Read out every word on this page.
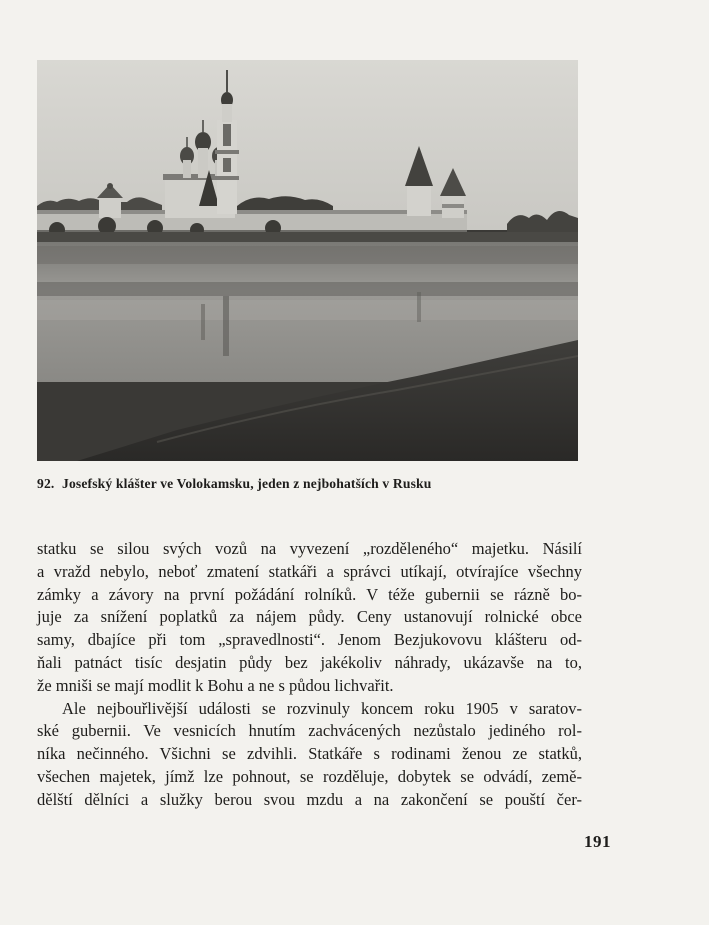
92. Josefský klášter ve Volokamsku, jeden z nejbohatších v Rusku
statku se silou svých vozů na vyvezení „rozděleného“ majetku. Násilí
a vražd nebylo, neboť zmatení statkáři a správci utíkají, otvírajíce všechny
zámky a závory na první požádání rolníků. V téže gubernii se rázně bo-
juje za snížení poplatků za nájem půdy. Ceny ustanovují rolnické obce
samy, dbajíce při tom „spravedlnosti“. Jenom Bezjukovovu klášteru od-
ňali patnáct tisíc desjatin půdy bez jakékoliv náhrady, ukázavše na to,
že mniši se mají modlit k Bohu a ne s půdou lichvařit.
Ale nejbouřlivější události se rozvinuly koncem roku 1905 v saratov-
ské gubernii. Ve vesnicích hnutím zachvácených nezůstalo jediného rol-
níka nečinného. Všichni se zdvihli. Statkáře s rodinami ženou ze statků,
všechen majetek, jímž lze pohnout, se rozděluje, dobytek se odvádí, země-
dělští dělníci a služky berou svou mzdu a na zakončení se pouští čer-
191
